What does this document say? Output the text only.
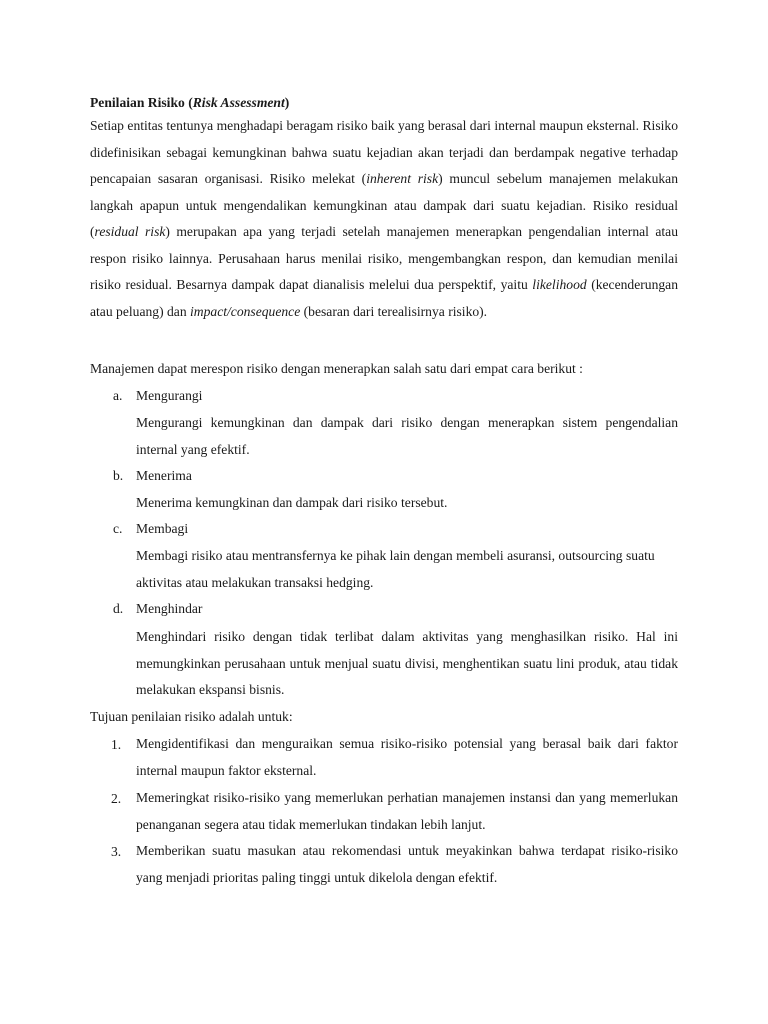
Penilaian Risiko (Risk Assessment)
Setiap entitas tentunya menghadapi beragam risiko baik yang berasal dari internal maupun eksternal. Risiko didefinisikan sebagai kemungkinan bahwa suatu kejadian akan terjadi dan berdampak negative terhadap pencapaian sasaran organisasi. Risiko melekat (inherent risk) muncul sebelum manajemen melakukan langkah apapun untuk mengendalikan kemungkinan atau dampak dari suatu kejadian. Risiko residual (residual risk) merupakan apa yang terjadi setelah manajemen menerapkan pengendalian internal atau respon risiko lainnya. Perusahaan harus menilai risiko, mengembangkan respon, dan kemudian menilai risiko residual. Besarnya dampak dapat dianalisis melelui dua perspektif, yaitu likelihood (kecenderungan atau peluang) dan impact/consequence (besaran dari terealisirnya risiko).
Manajemen dapat merespon risiko dengan menerapkan salah satu dari empat cara berikut :
a. Mengurangi
Mengurangi kemungkinan dan dampak dari risiko dengan menerapkan sistem pengendalian internal yang efektif.
b. Menerima
Menerima kemungkinan dan dampak dari risiko tersebut.
c. Membagi
Membagi risiko atau mentransfernya ke pihak lain dengan membeli asuransi, outsourcing suatu aktivitas atau melakukan transaksi hedging.
d. Menghindar
Menghindari risiko dengan tidak terlibat dalam aktivitas yang menghasilkan risiko. Hal ini memungkinkan perusahaan untuk menjual suatu divisi, menghentikan suatu lini produk, atau tidak melakukan ekspansi bisnis.
Tujuan penilaian risiko adalah untuk:
1. Mengidentifikasi dan menguraikan semua risiko-risiko potensial yang berasal baik dari faktor internal maupun faktor eksternal.
2. Memeringkat risiko-risiko yang memerlukan perhatian manajemen instansi dan yang memerlukan penanganan segera atau tidak memerlukan tindakan lebih lanjut.
3. Memberikan suatu masukan atau rekomendasi untuk meyakinkan bahwa terdapat risiko-risiko yang menjadi prioritas paling tinggi untuk dikelola dengan efektif.
